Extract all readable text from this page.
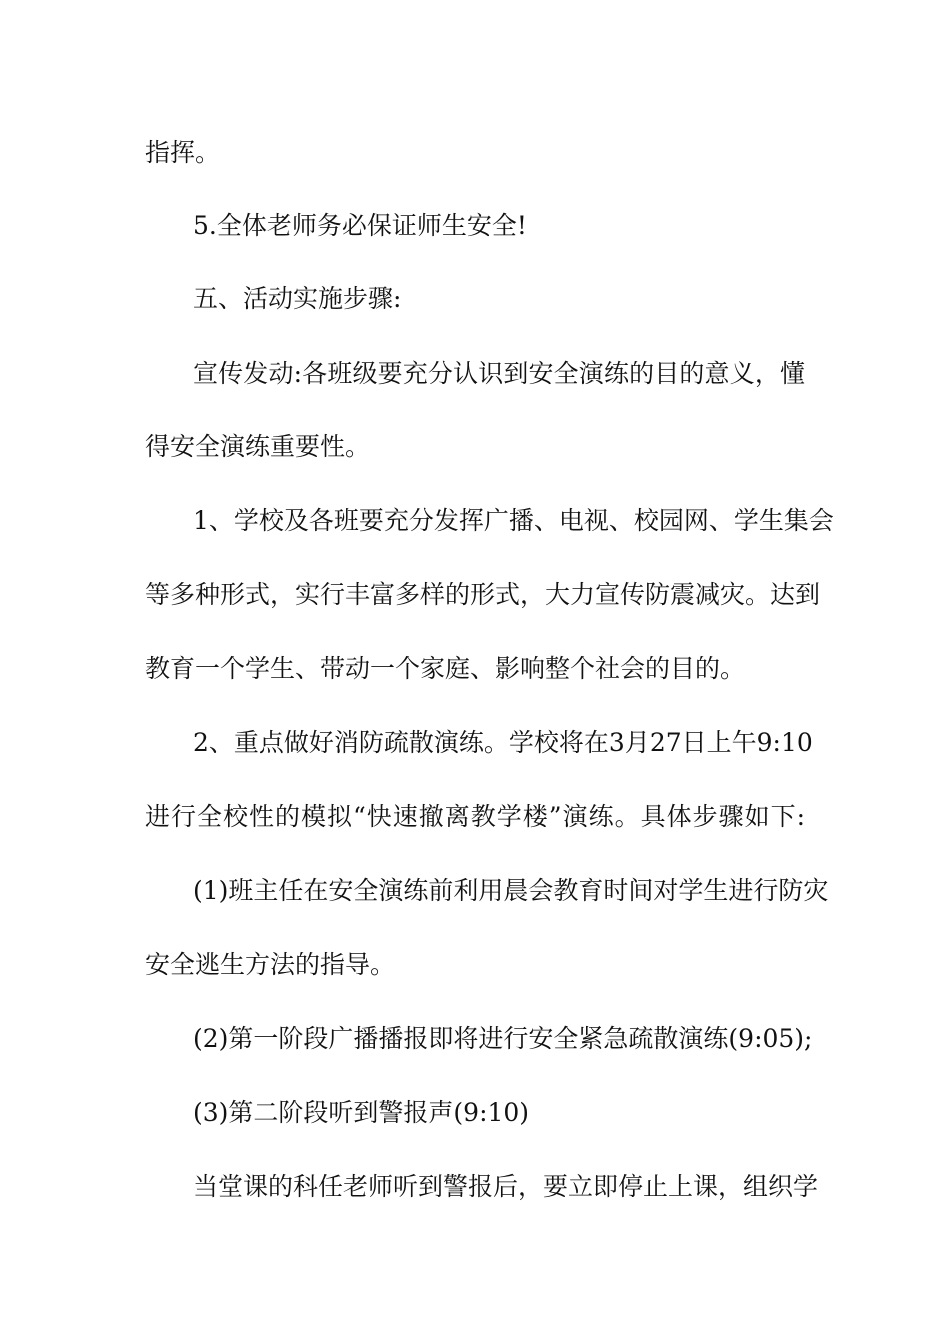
指挥。
5.全体老师务必保证师生安全!
五、活动实施步骤:
宣传发动:各班级要充分认识到安全演练的目的意义，懂
得安全演练重要性。
1、学校及各班要充分发挥广播、电视、校园网、学生集会
等多种形式，实行丰富多样的形式，大力宣传防震减灾。达到
教育一个学生、带动一个家庭、影响整个社会的目的。
2、重点做好消防疏散演练。学校将在3月27日上午9:10
进行全校性的模拟“快速撤离教学楼”演练。具体步骤如下:
(1)班主任在安全演练前利用晨会教育时间对学生进行防灾
安全逃生方法的指导。
(2)第一阶段广播播报即将进行安全紧急疏散演练(9:05);
(3)第二阶段听到警报声(9:10)
当堂课的科任老师听到警报后，要立即停止上课，组织学
